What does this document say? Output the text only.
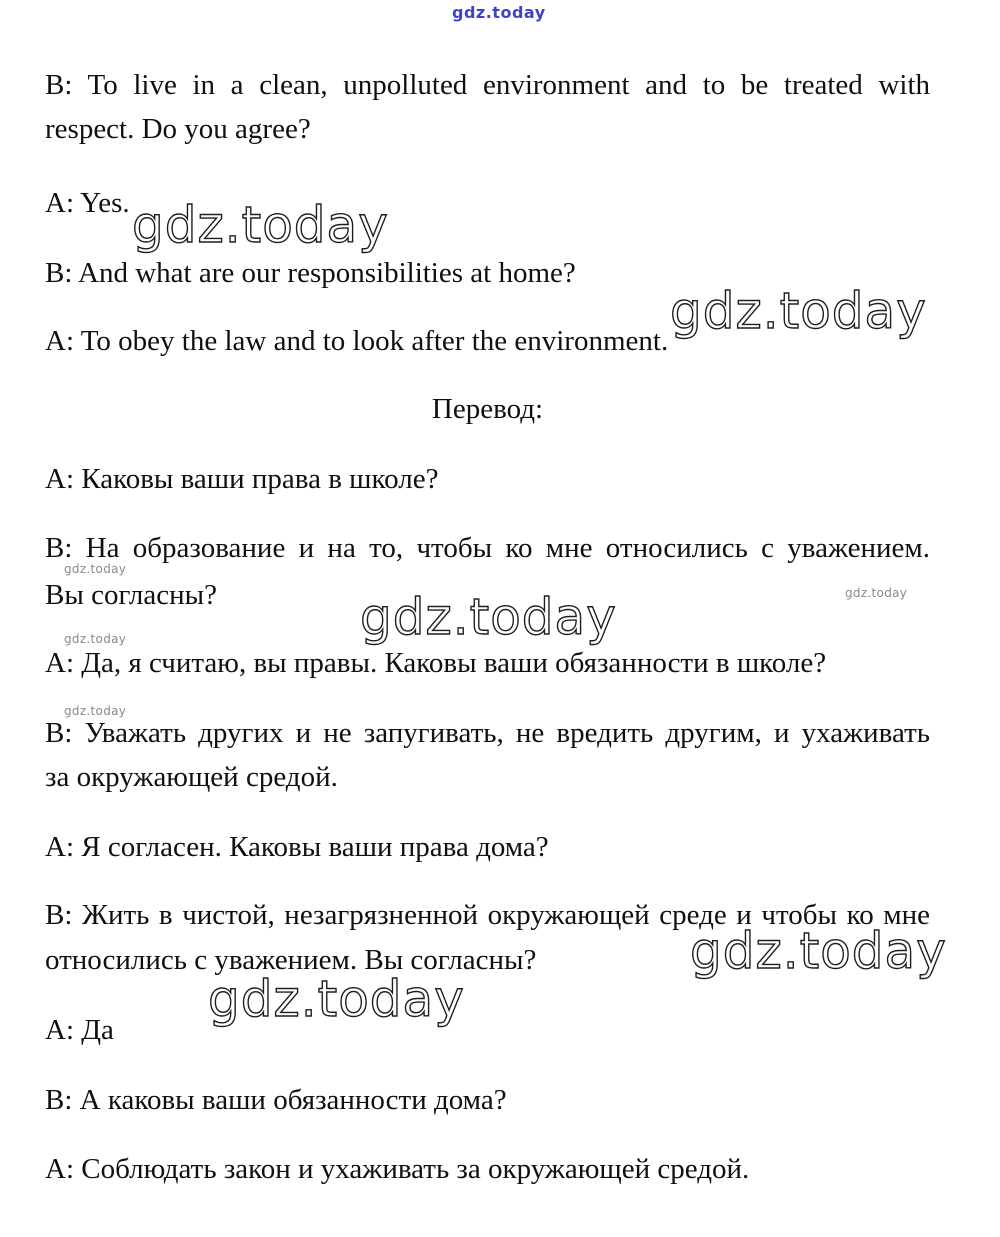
gdz.today
gdz.today
gdz.today
gdz.today
gdz.today
gdz.today
gdz.today
gdz.today
gdz.today
gdz.today
B: To live in a clean, unpolluted environment and to be treated with
respect. Do you agree?
A: Yes.
B: And what are our responsibilities at home?
A: To obey the law and to look after the environment.
Перевод:
A: Каковы ваши права в школе?
B: На образование и на то, чтобы ко мне относились с уважением.
Вы согласны?
A: Да, я считаю, вы правы. Каковы ваши обязанности в школе?
B: Уважать других и не запугивать, не вредить другим, и ухаживать
за окружающей средой.
A: Я согласен. Каковы ваши права дома?
B: Жить в чистой, незагрязненной окружающей среде и чтобы ко мне
относились с уважением. Вы согласны?
A: Да
B: А каковы ваши обязанности дома?
A: Соблюдать закон и ухаживать за окружающей средой.
